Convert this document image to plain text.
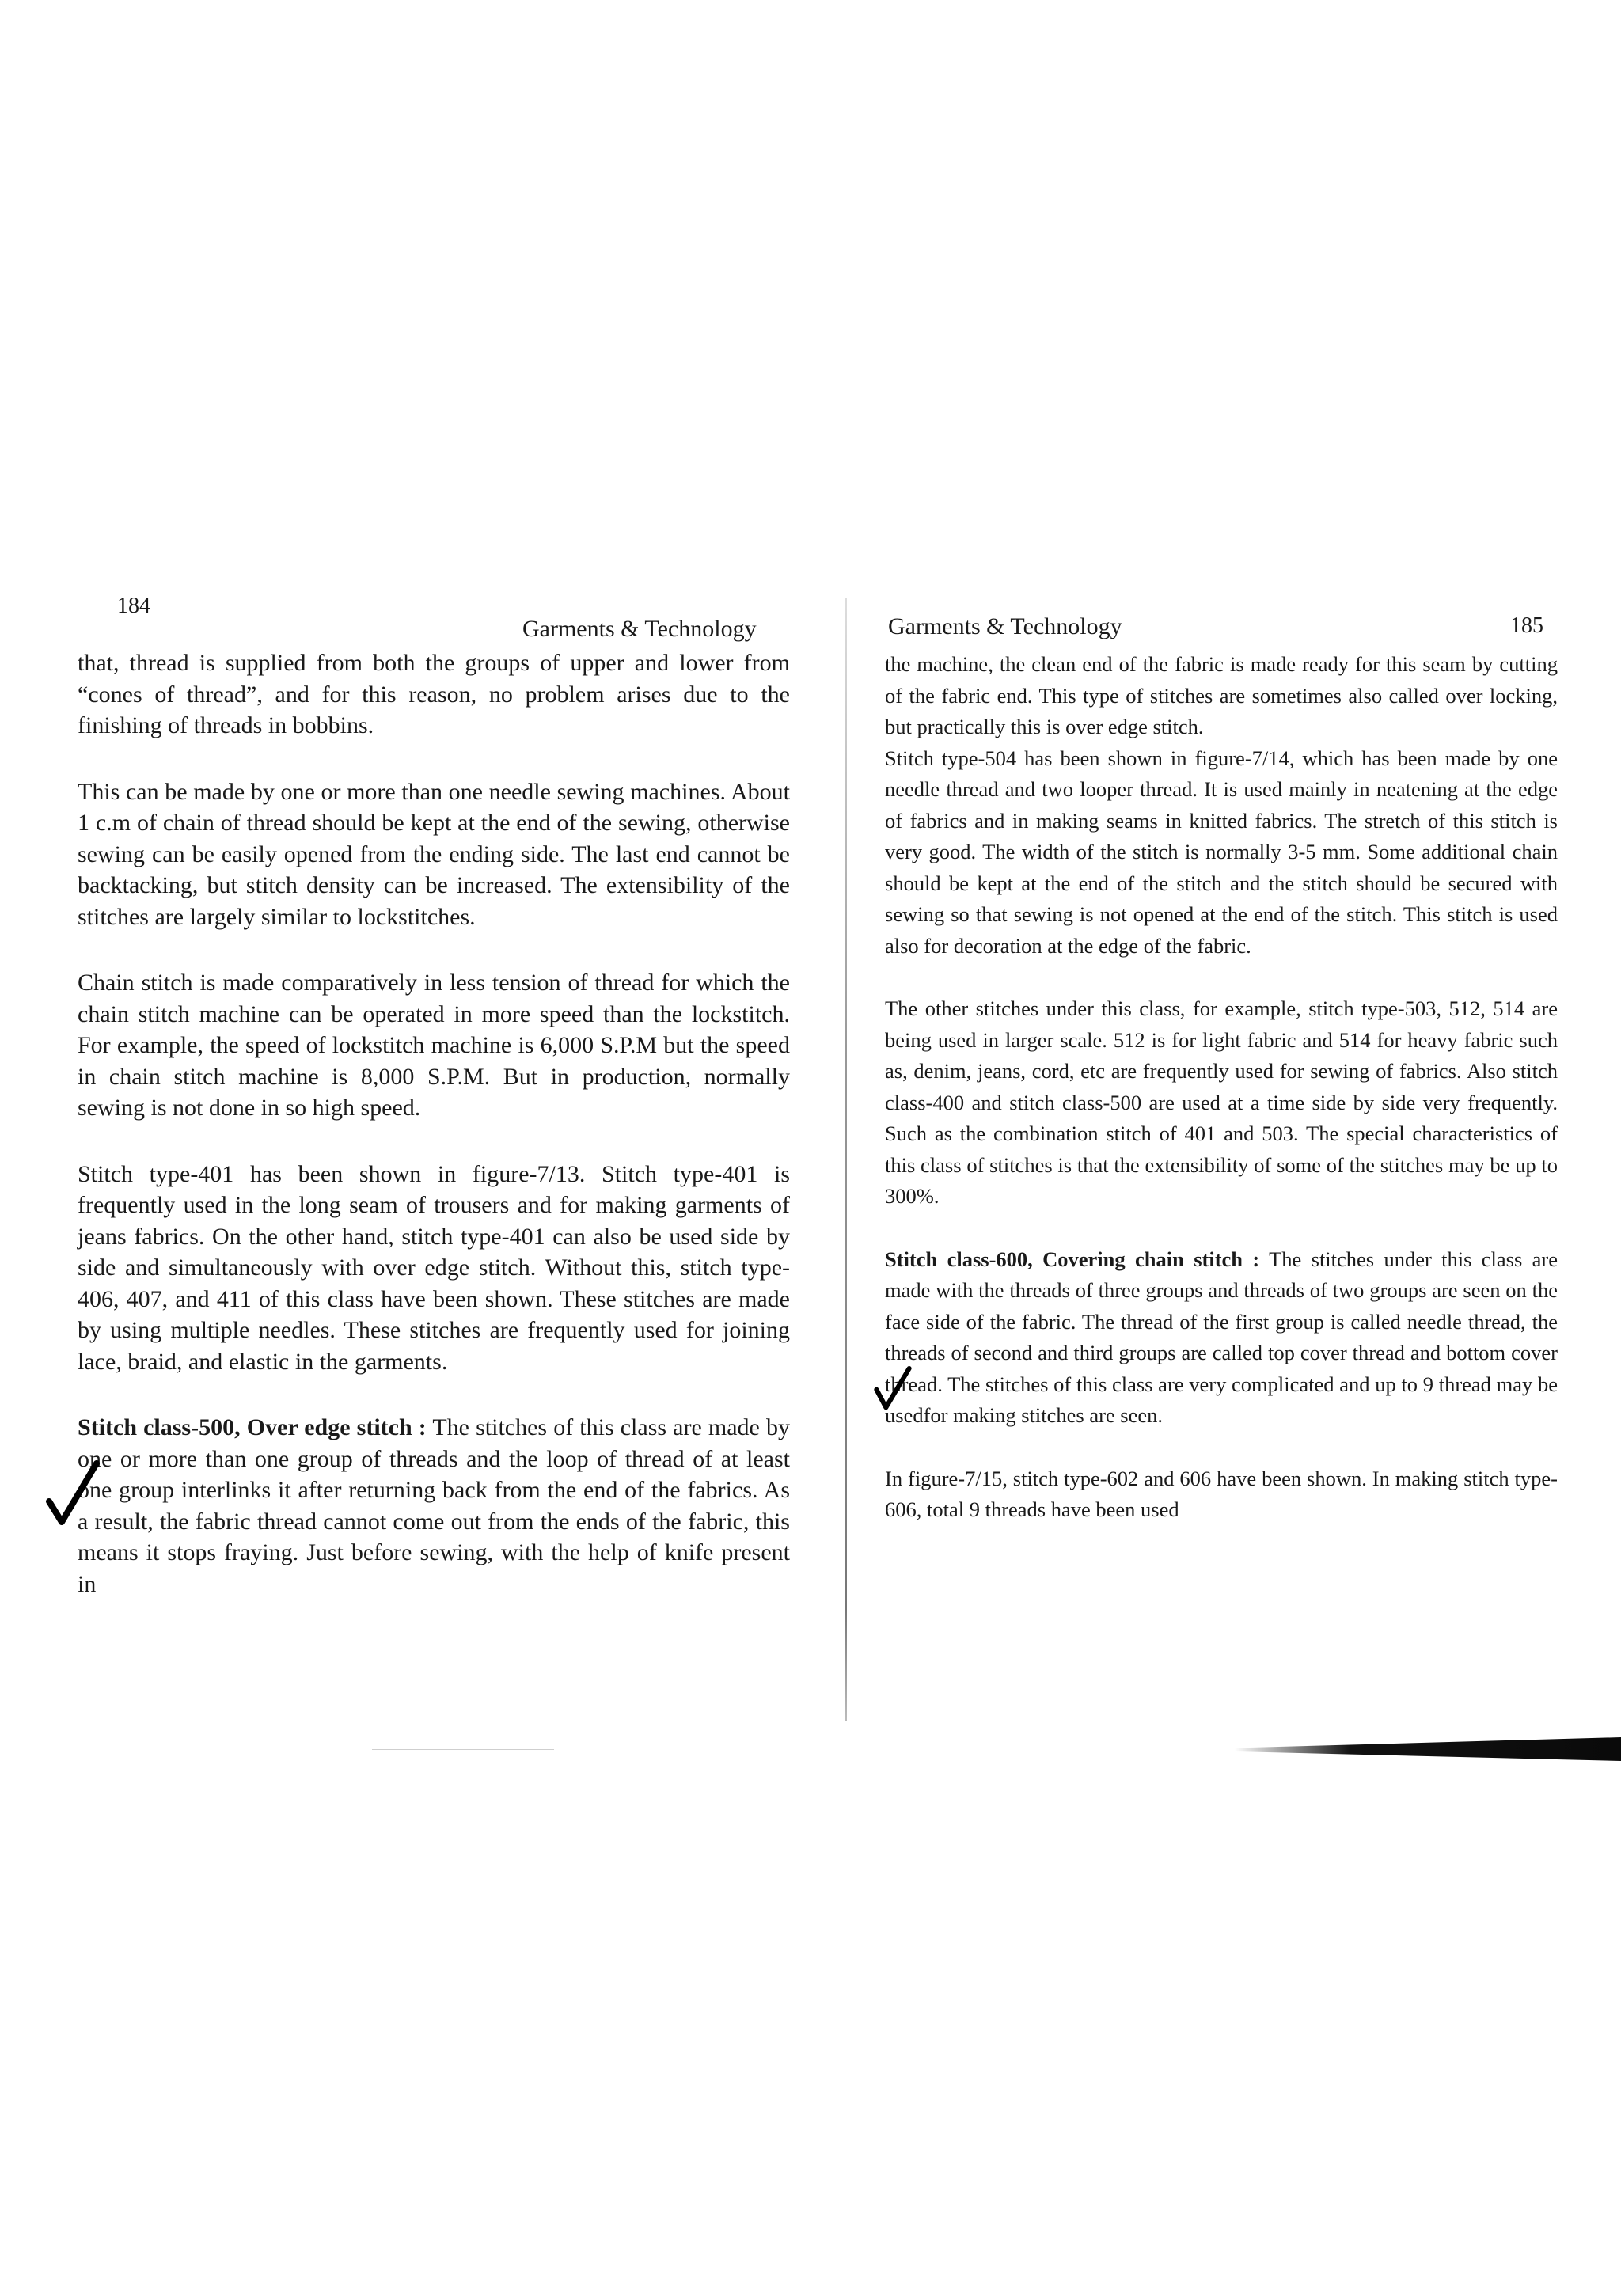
184
Garments & Technology

that, thread is supplied from both the groups of upper and lower from “cones of thread”, and for this reason, no problem arises due to the finishing of threads in bobbins.

This can be made by one or more than one needle sewing machines. About 1 c.m of chain of thread should be kept at the end of the sewing, otherwise sewing can be easily opened from the ending side. The last end cannot be backtacking, but stitch density can be increased. The extensibility of the stitches are largely similar to lockstitches.

Chain stitch is made comparatively in less tension of thread for which the chain stitch machine can be operated in more speed than the lockstitch. For example, the speed of lockstitch machine is 6,000 S.P.M but the speed in chain stitch machine is 8,000 S.P.M. But in production, normally sewing is not done in so high speed.

Stitch type-401 has been shown in figure-7/13. Stitch type-401 is frequently used in the long seam of trousers and for making garments of jeans fabrics. On the other hand, stitch type-401 can also be used side by side and simultaneously with over edge stitch. Without this, stitch type-406, 407, and 411 of this class have been shown. These stitches are made by using multiple needles. These stitches are frequently used for joining lace, braid, and elastic in the garments.

Stitch class-500, Over edge stitch : The stitches of this class are made by one or more than one group of threads and the loop of thread of at least one group interlinks it after returning back from the end of the fabrics. As a result, the fabric thread cannot come out from the ends of the fabric, this means it stops fraying. Just before sewing, with the help of knife present in

Garments & Technology	185

the machine, the clean end of the fabric is made ready for this seam by cutting of the fabric end. This type of stitches are sometimes also called over locking, but practically this is over edge stitch.

Stitch type-504 has been shown in figure-7/14, which has been made by one needle thread and two looper thread. It is used mainly in neatening at the edge of fabrics and in making seams in knitted fabrics. The stretch of this stitch is very good. The width of the stitch is normally 3-5 mm. Some additional chain should be kept at the end of the stitch and the stitch should be secured with sewing so that sewing is not opened at the end of the stitch. This stitch is used also for decoration at the edge of the fabric.

The other stitches under this class, for example, stitch type-503, 512, 514 are being used in larger scale. 512 is for light fabric and 514 for heavy fabric such as, denim, jeans, cord, etc are frequently used for sewing of fabrics. Also stitch class-400 and stitch class-500 are used at a time side by side very frequently. Such as the combination stitch of 401 and 503. The special characteristics of this class of stitches is that the extensibility of some of the stitches may be up to 300%.

Stitch class-600, Covering chain stitch : The stitches under this class are made with the threads of three groups and threads of two groups are seen on the face side of the fabric. The thread of the first group is called needle thread, the threads of second and third groups are called top cover thread and bottom cover thread. The stitches of this class are very complicated and up to 9 thread may be usedfor making stitches are seen.

In figure-7/15, stitch type-602 and 606 have been shown. In making stitch type-606, total 9 threads have been used
